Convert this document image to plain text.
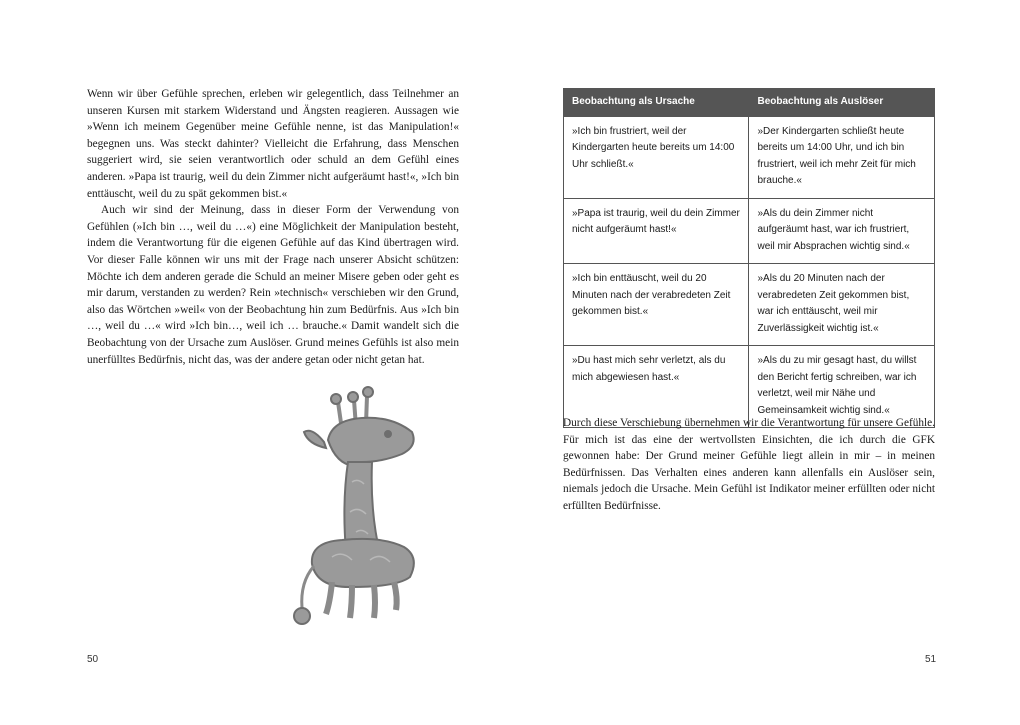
Wenn wir über Gefühle sprechen, erleben wir gelegentlich, dass Teilnehmer an unseren Kursen mit starkem Widerstand und Ängsten reagieren. Aussagen wie »Wenn ich meinem Gegenüber meine Gefühle nenne, ist das Manipulation!« begegnen uns. Was steckt dahinter? Vielleicht die Erfahrung, dass Menschen suggeriert wird, sie seien verantwortlich oder schuld an dem Gefühl eines anderen. »Papa ist traurig, weil du dein Zimmer nicht aufgeräumt hast!«, »Ich bin enttäuscht, weil du zu spät gekommen bist.«

Auch wir sind der Meinung, dass in dieser Form der Verwendung von Gefühlen (»Ich bin …, weil du …«) eine Möglichkeit der Manipulation besteht, indem die Verantwortung für die eigenen Gefühle auf das Kind übertragen wird. Vor dieser Falle können wir uns mit der Frage nach unserer Absicht schützen: Möchte ich dem anderen gerade die Schuld an meiner Misere geben oder geht es mir darum, verstanden zu werden? Rein »technisch« verschieben wir den Grund, also das Wörtchen »weil« von der Beobachtung hin zum Bedürfnis. Aus »Ich bin …, weil du …« wird »Ich bin…, weil ich … brauche.« Damit wandelt sich die Beobachtung von der Ursache zum Auslöser. Grund meines Gefühls ist also mein unerfülltes Bedürfnis, nicht das, was der andere getan oder nicht getan hat.

50
Beobachtung als Ursache	Beobachtung als Auslöser
»Ich bin frustriert, weil der Kindergarten heute bereits um 14:00 Uhr schließt.«	»Der Kindergarten schließt heute bereits um 14:00 Uhr, und ich bin frustriert, weil ich mehr Zeit für mich brauche.«
»Papa ist traurig, weil du dein Zimmer nicht aufgeräumt hast!«	»Als du dein Zimmer nicht aufgeräumt hast, war ich frustriert, weil mir Absprachen wichtig sind.«
»Ich bin enttäuscht, weil du 20 Minuten nach der verabredeten Zeit gekommen bist.«	»Als du 20 Minuten nach der verabredeten Zeit gekommen bist, war ich enttäuscht, weil mir Zuverlässigkeit wichtig ist.«
»Du hast mich sehr verletzt, als du mich abgewiesen hast.«	»Als du zu mir gesagt hast, du willst den Bericht fertig schreiben, war ich verletzt, weil mir Nähe und Gemeinsamkeit wichtig sind.«

Durch diese Verschiebung übernehmen wir die Verantwortung für unsere Gefühle. Für mich ist das eine der wertvollsten Einsichten, die ich durch die GFK gewonnen habe: Der Grund meiner Gefühle liegt allein in mir – in meinen Bedürfnissen. Das Verhalten eines anderen kann allenfalls ein Auslöser sein, niemals jedoch die Ursache. Mein Gefühl ist Indikator meiner erfüllten oder nicht erfüllten Bedürfnisse.

51
